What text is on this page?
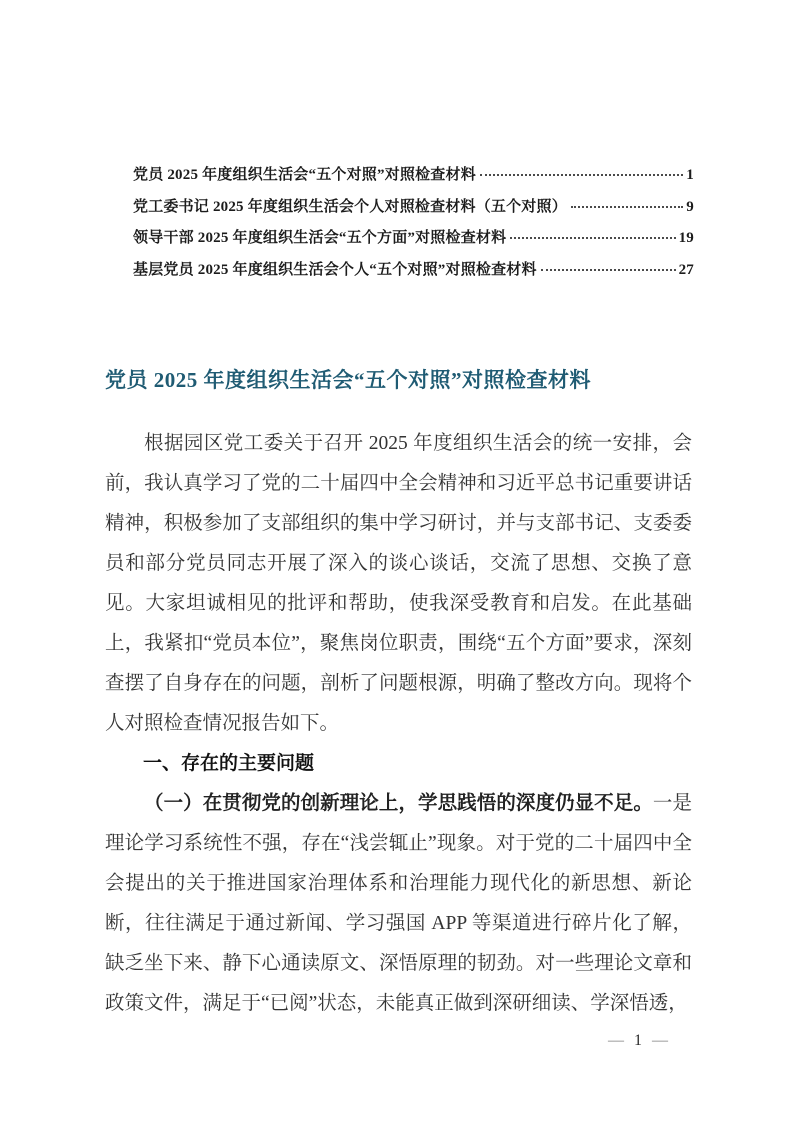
党员 2025 年度组织生活会“五个对照”对照检查材料	1
党工委书记 2025 年度组织生活会个人对照检查材料（五个对照）	9
领导干部 2025 年度组织生活会“五个方面”对照检查材料	19
基层党员 2025 年度组织生活会个人“五个对照”对照检查材料	27
党员 2025 年度组织生活会“五个对照”对照检查材料

根据园区党工委关于召开 2025 年度组织生活会的统一安排，会前，我认真学习了党的二十届四中全会精神和习近平总书记重要讲话精神，积极参加了支部组织的集中学习研讨，并与支部书记、支委委员和部分党员同志开展了深入的谈心谈话，交流了思想、交换了意见。大家坦诚相见的批评和帮助，使我深受教育和启发。在此基础上，我紧扣“党员本位”，聚焦岗位职责，围绕“五个方面”要求，深刻查摆了自身存在的问题，剖析了问题根源，明确了整改方向。现将个人对照检查情况报告如下。

一、存在的主要问题

（一）在贯彻党的创新理论上，学思践悟的深度仍显不足。一是理论学习系统性不强，存在“浅尝辄止”现象。对于党的二十届四中全会提出的关于推进国家治理体系和治理能力现代化的新思想、新论断，往往满足于通过新闻、学习强国 APP 等渠道进行碎片化了解，缺乏坐下来、静下心通读原文、深悟原理的韧劲。对一些理论文章和政策文件，满足于“已阅”状态，未能真正做到深研细读、学深悟透，

— 1 —
